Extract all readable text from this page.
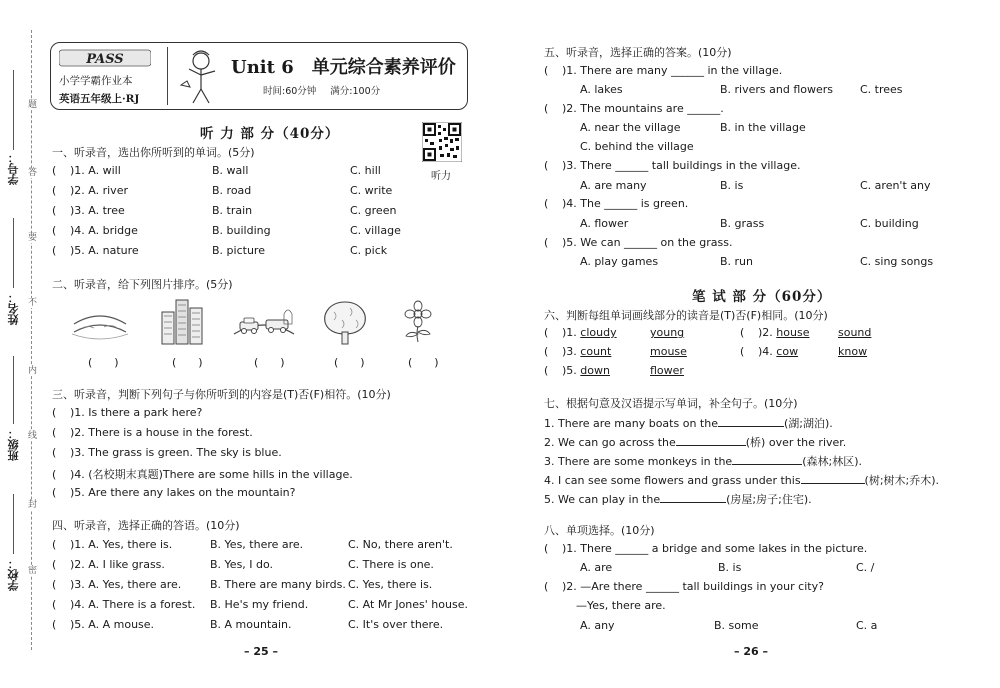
题
答
要
不
内
线
封
密
学号：
姓名：
班级：
学校：
PASS
小学学霸作业本
英语五年级上·RJ
Unit 6　单元综合素养评价
时间:60分钟 满分:100分
听力
听 力 部 分（40分）
一、听录音，选出你所听到的单词。(5分)
()1. A. will	B. wall	C. hill
()2. A. river	B. road	C. write
()3. A. tree	B. train	C. green
()4. A. bridge	B. building	C. village
()5. A. nature	B. picture	C. pick
二、听录音，给下列图片排序。(5分)
(　　)	(　　)	(　　)	(　　)	(　　)
三、听录音，判断下列句子与你所听到的内容是(T)否(F)相符。(10分)
()1. Is there a park here?
()2. There is a house in the forest.
()3. The grass is green. The sky is blue.
()4. (名校期末真题)There are some hills in the village.
()5. Are there any lakes on the mountain?
四、听录音，选择正确的答语。(10分)
()1. A. Yes, there is.	B. Yes, there are.	C. No, there aren't.
()2. A. I like grass.	B. Yes, I do.	C. There is one.
()3. A. Yes, there are.	B. There are many birds. C. Yes, there is.
()4. A. There is a forest. B. He's my friend.	C. At Mr Jones' house.
()5. A. A mouse.	B. A mountain.	C. It's over there.
– 25 –
五、听录音，选择正确的答案。(10分)
()1. There are many ______ in the village.
A. lakes	B. rivers and flowers C. trees
()2. The mountains are ______.
A. near the village	B. in the village
C. behind the village
()3. There ______ tall buildings in the village.
A. are many	B. is	C. aren't any
()4. The ______ is green.
A. flower	B. grass	C. building
()5. We can ______ on the grass.
A. play games	B. run	C. sing songs
笔 试 部 分（60分）
六、判断每组单词画线部分的读音是(T)否(F)相同。(10分)
()1. cloudy	young (	)2. house	sound
()3. count	mouse (	)4. cow	know
()5. down	flower
七、根据句意及汉语提示写单词，补全句子。(10分)
1. There are many boats on the	(湖;湖泊).
2. We can go across the	(桥) over the river.
3. There are some monkeys in the	(森林;林区).
4. I can see some flowers and grass under this	(树;树木;乔木).
5. We can play in the	(房屋;房子;住宅).
八、单项选择。(10分)
()1. There ______ a bridge and some lakes in the picture.
A. are	B. is	C. /
()2. —Are there ______ tall buildings in your city?
—Yes, there are.
A. any	B. some	C. a
– 26 –
